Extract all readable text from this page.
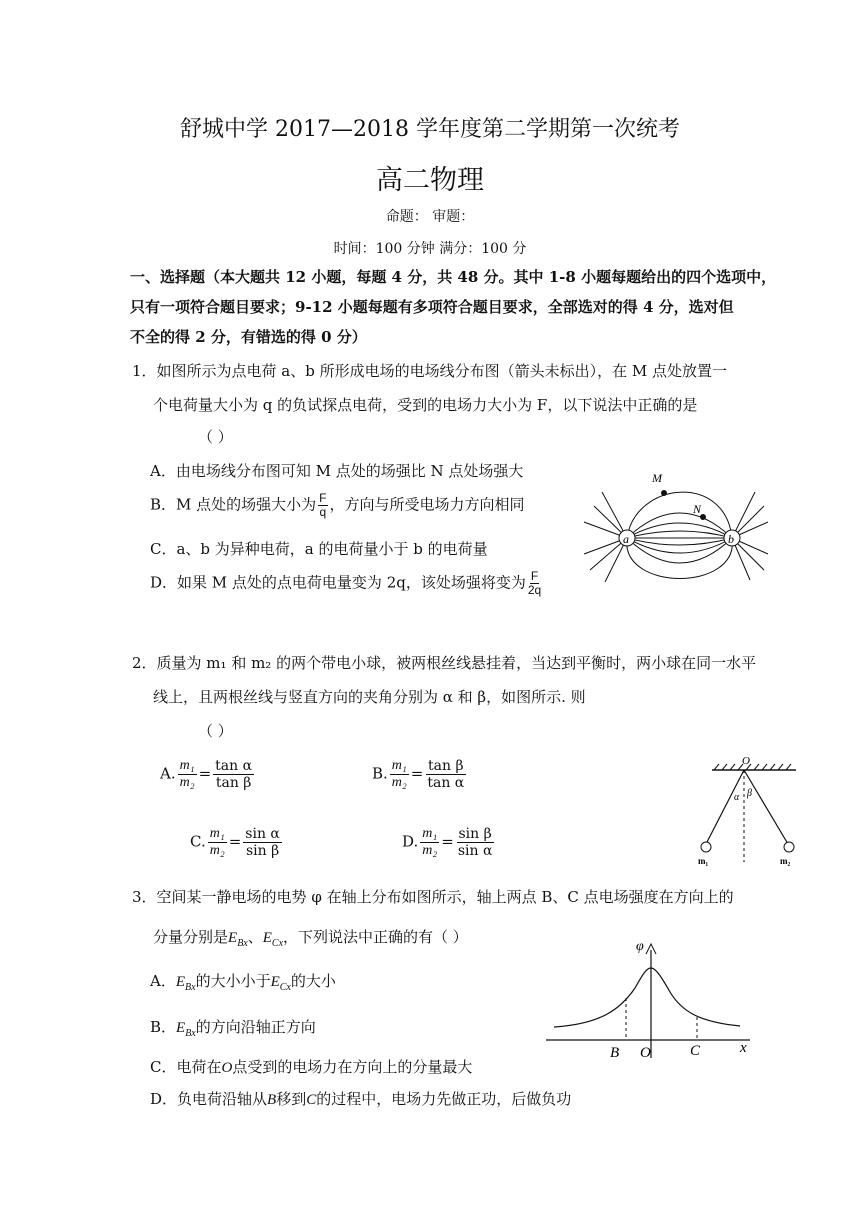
舒城中学 2017—2018 学年度第二学期第一次统考
高二物理
命题： 审题：
时间：100 分钟 满分：100 分
一、选择题（本大题共 12 小题，每题 4 分，共 48 分。其中 1-8 小题每题给出的四个选项中，
只有一项符合题目要求；9-12 小题每题有多项符合题目要求，全部选对的得 4 分，选对但
不全的得 2 分，有错选的得 0 分）
1．如图所示为点电荷 a、b 所形成电场的电场线分布图（箭头未标出），在 M 点处放置一
个电荷量大小为 q 的负试探点电荷，受到的电场力大小为 F，以下说法中正确的是
（ ）
A．由电场线分布图可知 M 点处的场强比 N 点处场强大
B．M 点处的场强大小为 $\frac{F}{q}$ ，方向与所受电场力方向相同
C．a、b 为异种电荷，a 的电荷量小于 b 的电荷量
D．如果 M 点处的点电荷电量变为 2q，该处场强将变为 $\frac{F}{2q}$
a	b
M
N
2．质量为 m₁ 和 m₂ 的两个带电小球，被两根丝线悬挂着，当达到平衡时，两小球在同一水平
线上，且两根丝线与竖直方向的夹角分别为 α 和 β，如图所示. 则
（ ）
A. $\frac{\text{m₁}}{\text{m₂}} = \frac{\text{tan α}}{\text{tan β}}$	B. $\frac{\text{m₁}}{\text{m₂}} = \frac{\text{tan β}}{\text{tan α}}$
C. $\frac{\text{m₁}}{\text{m₂}} = \frac{\text{sin α}}{\text{sin β}}$	D. $\frac{\text{m₁}}{\text{m₂}} = \frac{\text{sin β}}{\text{sin α}}$
O
α β
m₁	m₂
3．空间某一静电场的电势 φ 在轴上分布如图所示，轴上两点 B、C 点电场强度在方向上的
分量分别是$E_{Bx}$、$E_{Cx}$，下列说法中正确的有（ ）
A．$E_{Bx}$的大小小于$E_{Cx}$的大小
B．$E_{Bx}$的方向沿轴正方向
C．电荷在O点受到的电场力在方向上的分量最大
D．负电荷沿轴从B移到C的过程中，电场力先做正功，后做负功
φ
B O	C	x
